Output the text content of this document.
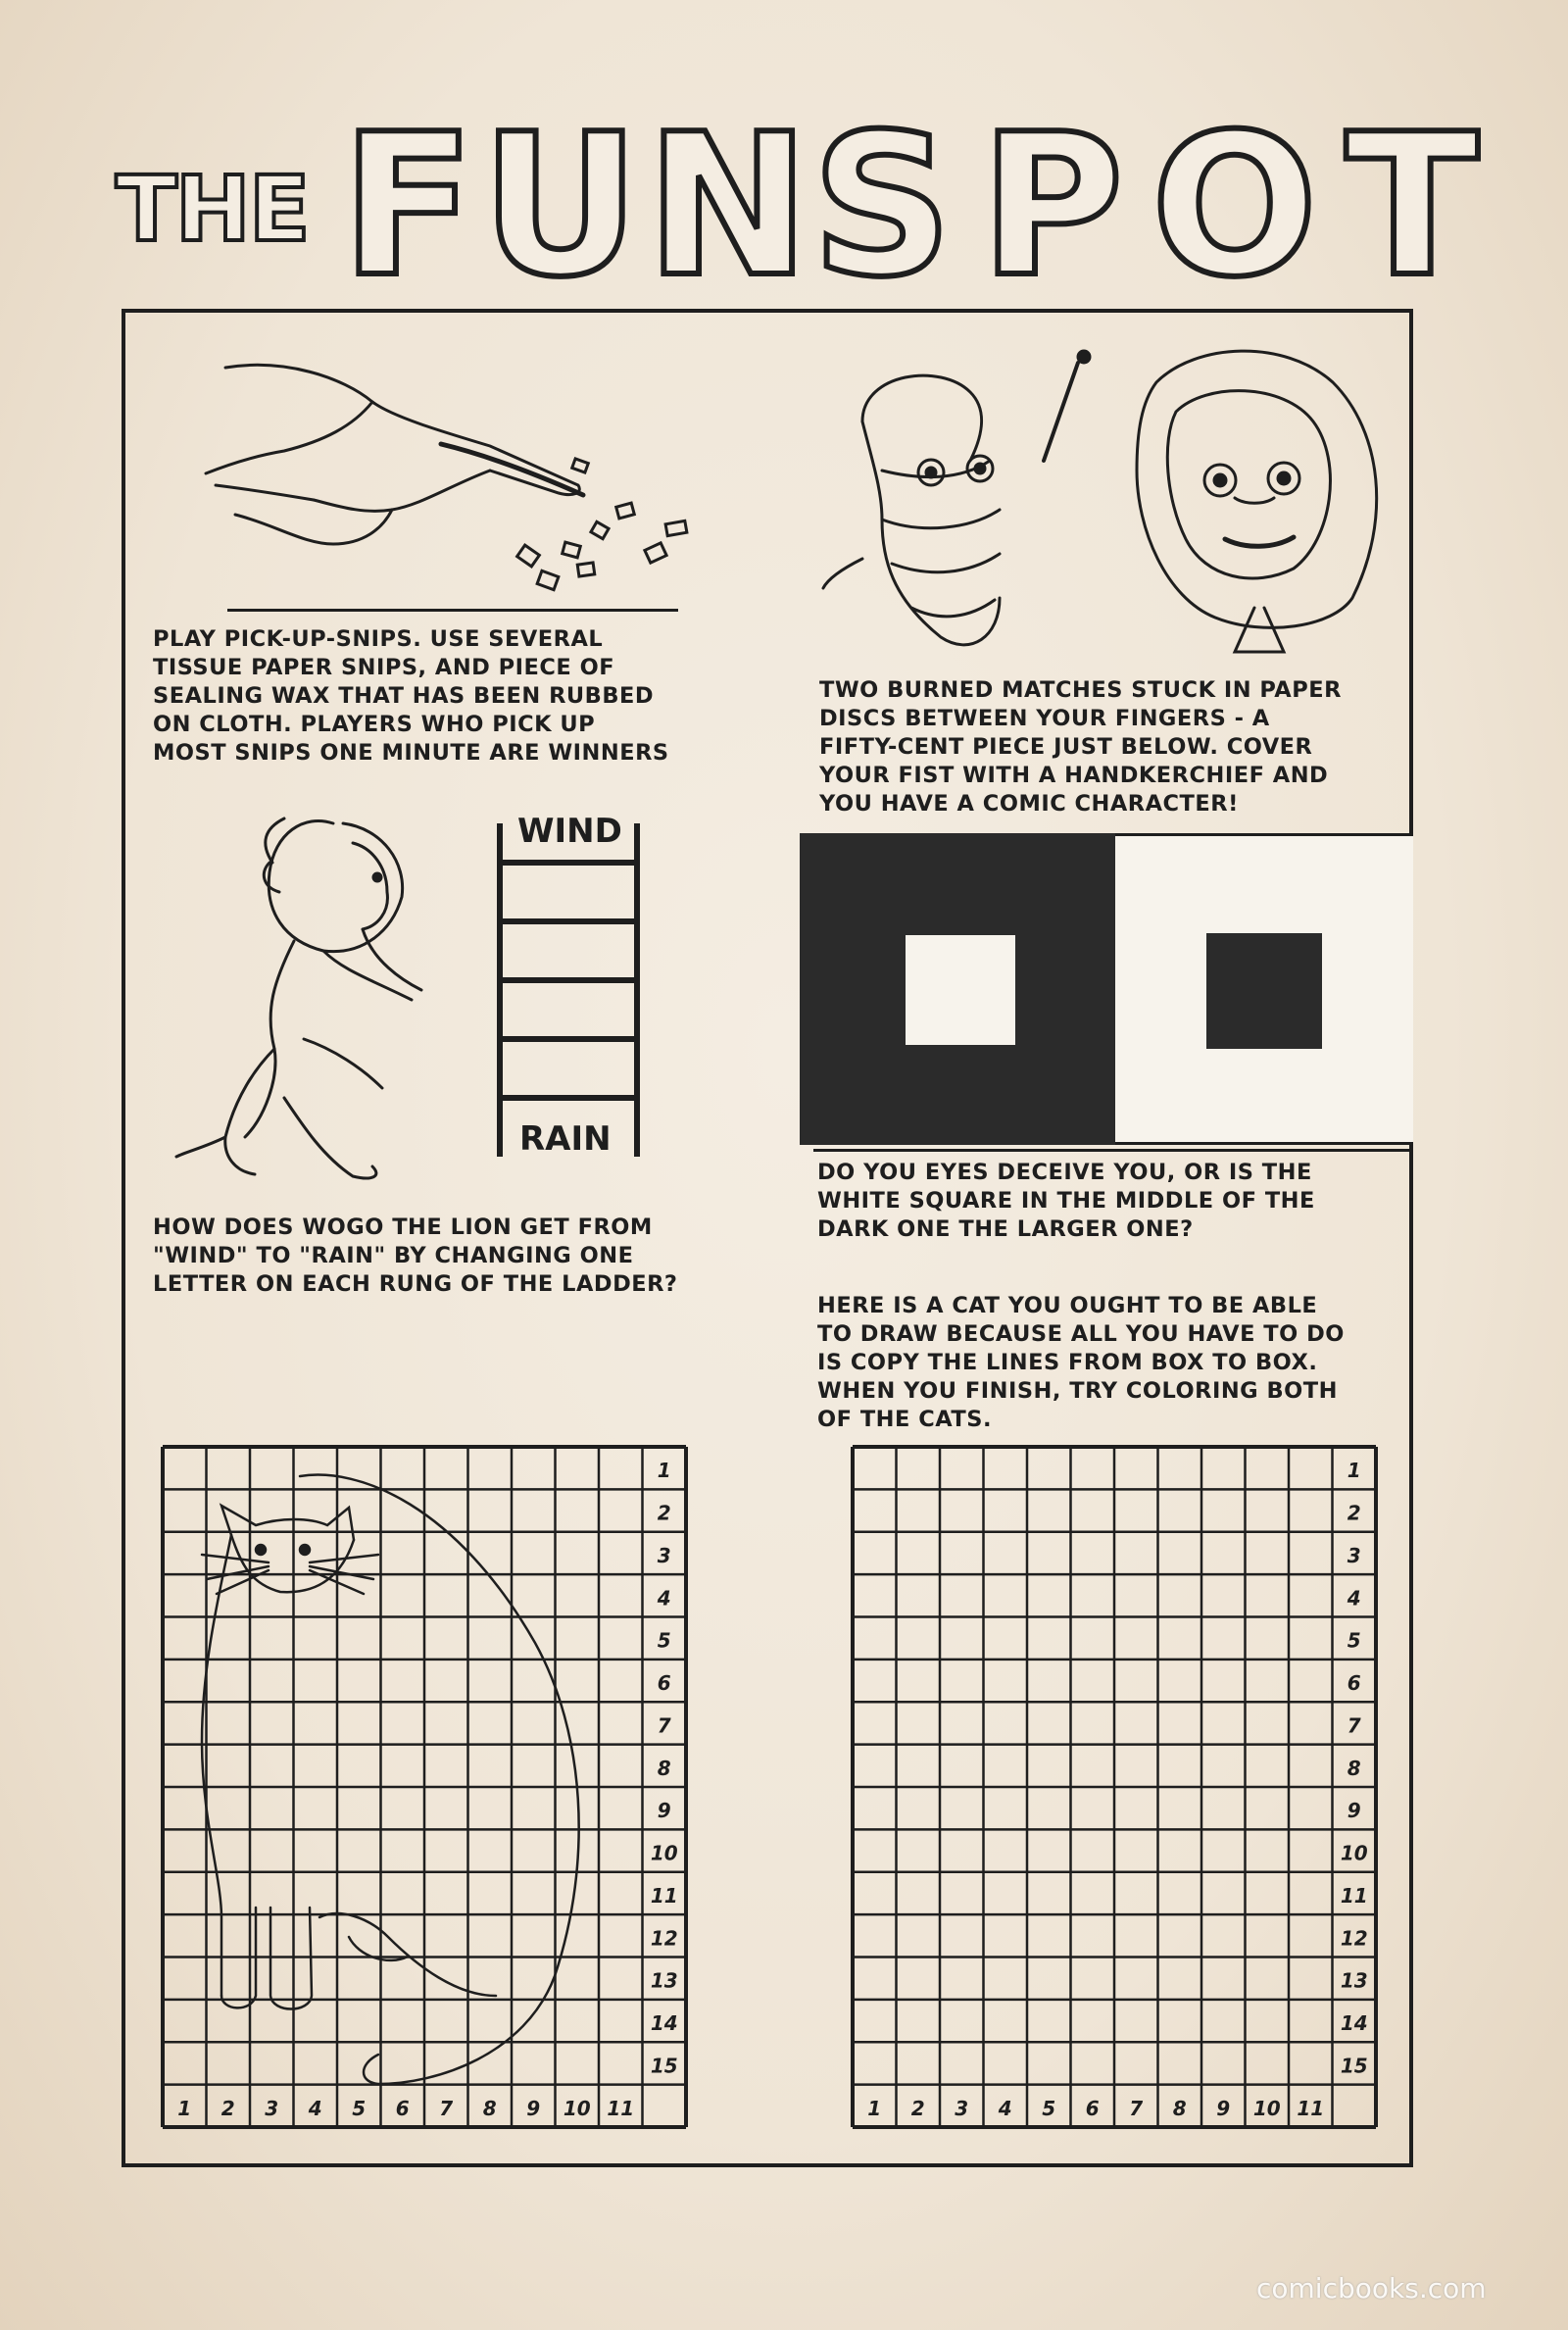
THE FUN
SPOT

PLAY PICK-UP-SNIPS. USE SEVERAL
TISSUE PAPER SNIPS, AND PIECE OF
SEALING WAX THAT HAS BEEN RUBBED
ON CLOTH. PLAYERS WHO PICK UP
MOST SNIPS ONE MINUTE ARE WINNERS

TWO BURNED MATCHES STUCK IN PAPER
DISCS BETWEEN YOUR FINGERS - A
FIFTY-CENT PIECE JUST BELOW. COVER
YOUR FIST WITH A HANDKERCHIEF AND
YOU HAVE A COMIC CHARACTER!

WIND
RAIN

HOW DOES WOGO THE LION GET FROM
"WIND" TO "RAIN" BY CHANGING ONE
LETTER ON EACH RUNG OF THE LADDER?

DO YOU EYES DECEIVE YOU, OR IS THE
WHITE SQUARE IN THE MIDDLE OF THE
DARK ONE THE LARGER ONE?

HERE IS A CAT YOU OUGHT TO BE ABLE
TO DRAW BECAUSE ALL YOU HAVE TO DO
IS COPY THE LINES FROM BOX TO BOX.
WHEN YOU FINISH, TRY COLORING BOTH
OF THE CATS.

1
2
3
4
5
6
7
8
9
10
11
12
13
14
15
1 2 3 4 5 6 7 8 9 10 11
1
2
3
4
5
6
7
8
9
10
11
12
13
14
15
1 2 3 4 5 6 7 8 9 10 11
comicbooks.com
